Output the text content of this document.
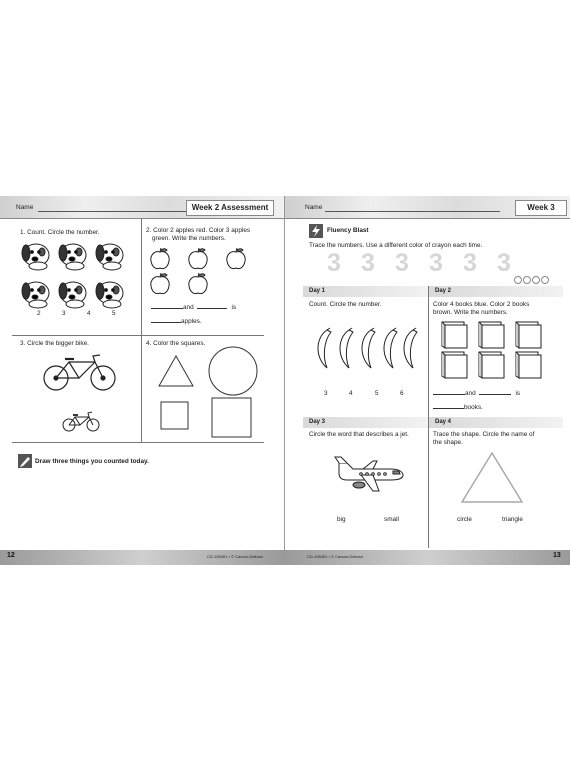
Name	Week 2 Assessment
1. Count. Circle the number.
2	3	4	5
2. Color 2 apples red. Color 3 apples
green. Write the numbers.
and	is
apples.
3. Circle the bigger bike.	4. Color the squares.
Draw three things you counted today.
12	CD-105401 • © Carson-Dellosa
Name	Week 3
Fluency Blast
Trace the numbers. Use a different color of crayon each time.
3 3 3 3 3 3
Day 1	Day 2
Day 3	Day 4
Count. Circle the number.
3	4	5	6
Color 4 books blue. Color 2 books
brown. Write the numbers.
and	is
books.
Circle the word that describes a jet.
big	small
Trace the shape. Circle the name of
the shape.
circle	triangle
CD-105401 • © Carson-Dellosa	13
